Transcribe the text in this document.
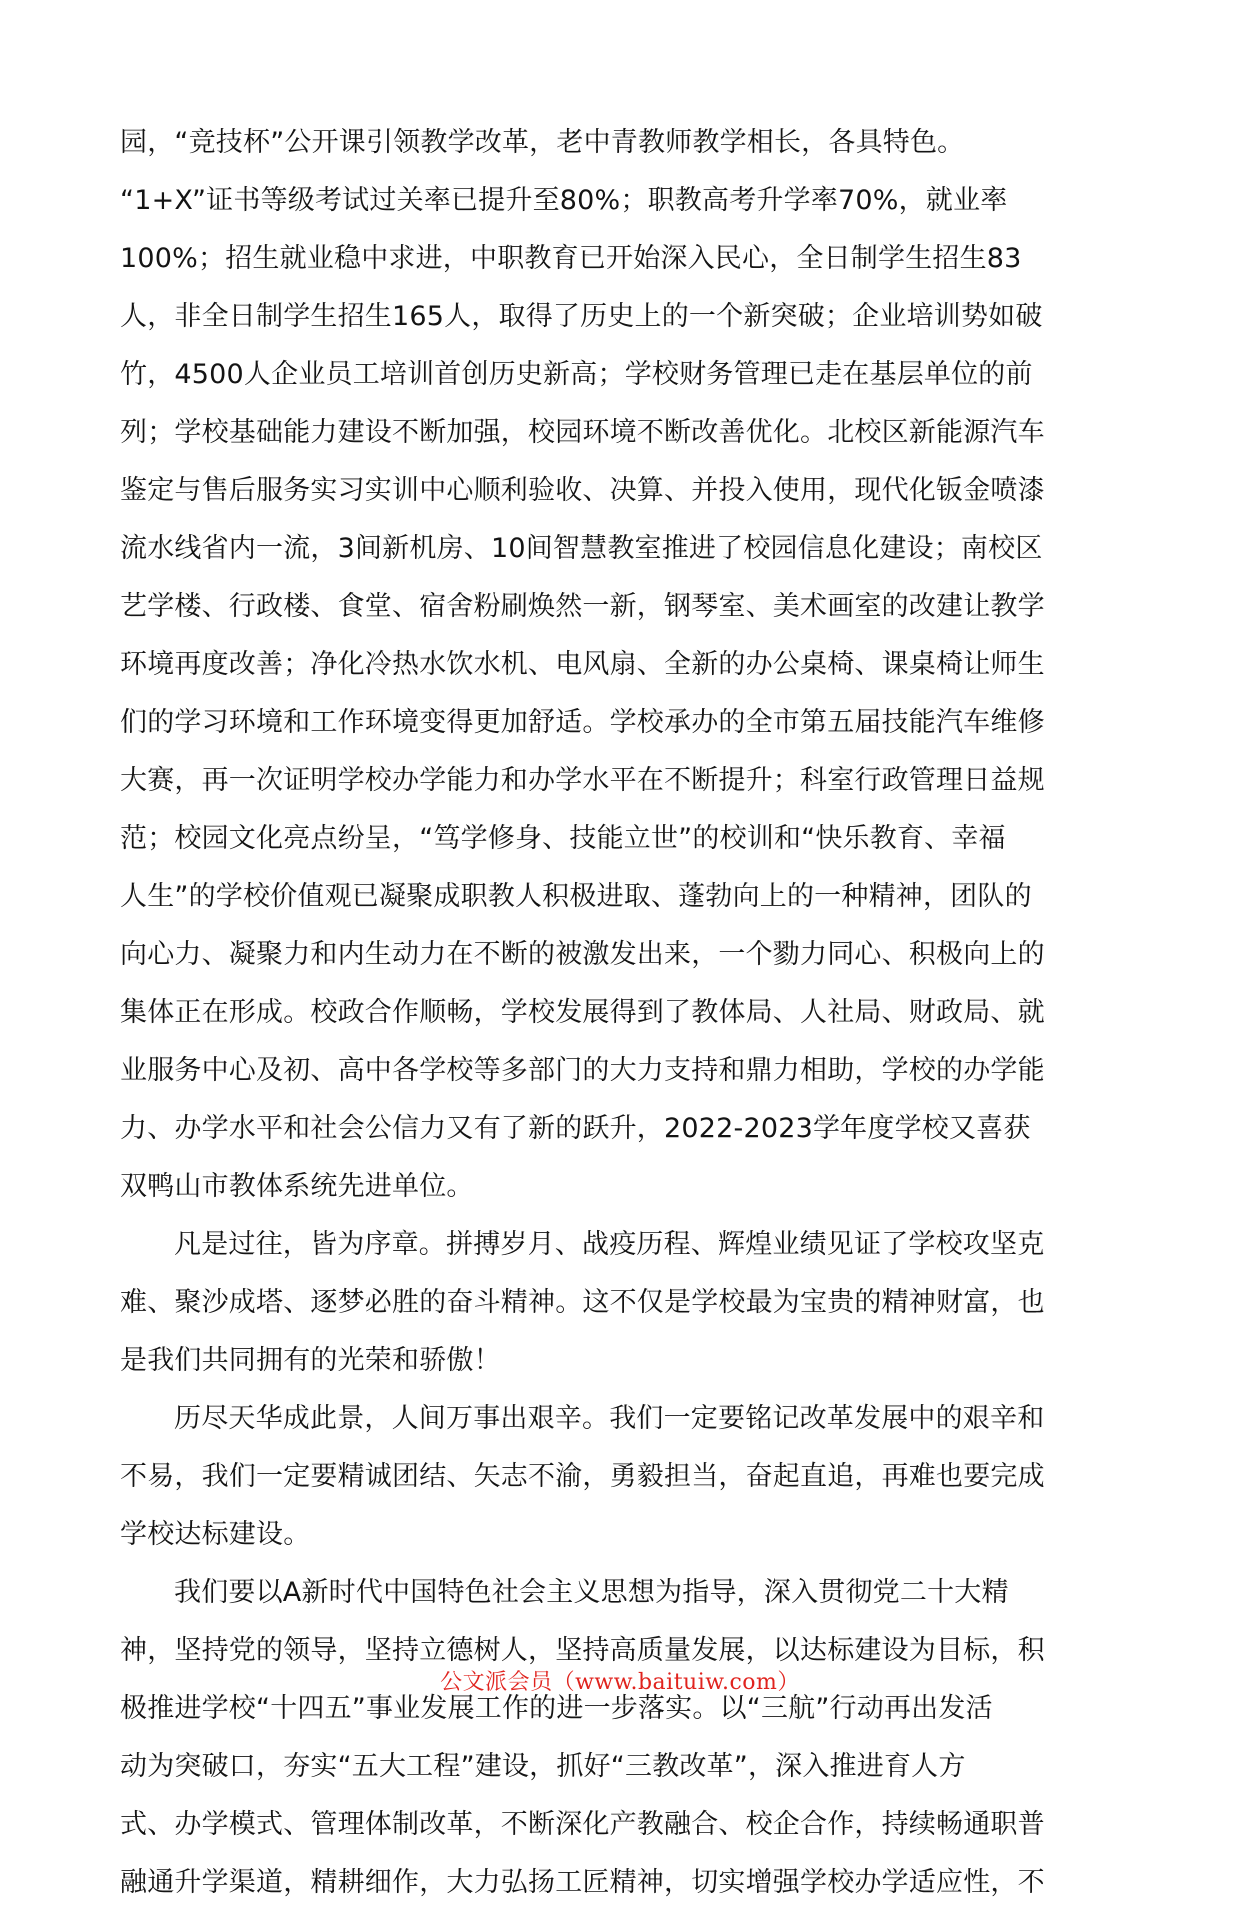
园，“竞技杯”公开课引领教学改革，老中青教师教学相长，各具特色。
“1+X”证书等级考试过关率已提升至80%；职教高考升学率70%，就业率
100%；招生就业稳中求进，中职教育已开始深入民心，全日制学生招生83
人，非全日制学生招生165人，取得了历史上的一个新突破；企业培训势如破
竹，4500人企业员工培训首创历史新高；学校财务管理已走在基层单位的前
列；学校基础能力建设不断加强，校园环境不断改善优化。北校区新能源汽车
鉴定与售后服务实习实训中心顺利验收、决算、并投入使用，现代化钣金喷漆
流水线省内一流，3间新机房、10间智慧教室推进了校园信息化建设；南校区
艺学楼、行政楼、食堂、宿舍粉刷焕然一新，钢琴室、美术画室的改建让教学
环境再度改善；净化冷热水饮水机、电风扇、全新的办公桌椅、课桌椅让师生
们的学习环境和工作环境变得更加舒适。学校承办的全市第五届技能汽车维修
大赛，再一次证明学校办学能力和办学水平在不断提升；科室行政管理日益规
范；校园文化亮点纷呈，“笃学修身、技能立世”的校训和“快乐教育、幸福
人生”的学校价值观已凝聚成职教人积极进取、蓬勃向上的一种精神，团队的
向心力、凝聚力和内生动力在不断的被激发出来，一个勠力同心、积极向上的
集体正在形成。校政合作顺畅，学校发展得到了教体局、人社局、财政局、就
业服务中心及初、高中各学校等多部门的大力支持和鼎力相助，学校的办学能
力、办学水平和社会公信力又有了新的跃升，2022-2023学年度学校又喜获
双鸭山市教体系统先进单位。
凡是过往，皆为序章。拼搏岁月、战疫历程、辉煌业绩见证了学校攻坚克
难、聚沙成塔、逐梦必胜的奋斗精神。这不仅是学校最为宝贵的精神财富，也
是我们共同拥有的光荣和骄傲！
历尽天华成此景，人间万事出艰辛。我们一定要铭记改革发展中的艰辛和
不易，我们一定要精诚团结、矢志不渝，勇毅担当，奋起直追，再难也要完成
学校达标建设。
我们要以A新时代中国特色社会主义思想为指导，深入贯彻党二十大精
神，坚持党的领导，坚持立德树人，坚持高质量发展，以达标建设为目标，积
极推进学校“十四五”事业发展工作的进一步落实。以“三航”行动再出发活
动为突破口，夯实“五大工程”建设，抓好“三教改革”，深入推进育人方
式、办学模式、管理体制改革，不断深化产教融合、校企合作，持续畅通职普
融通升学渠道，精耕细作，大力弘扬工匠精神，切实增强学校办学适应性，不
公文派会员（www.baituiw.com）
